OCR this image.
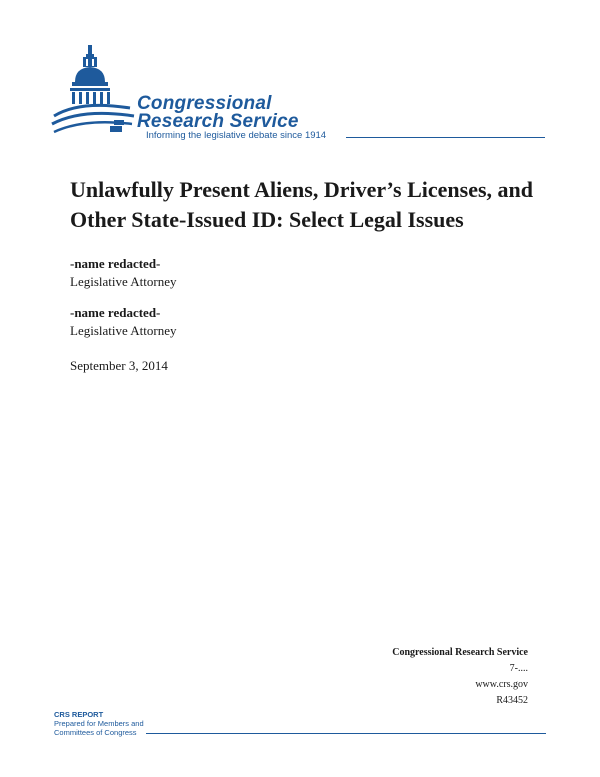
Congressional
Research Service
Informing the legislative debate since 1914
Unlawfully Present Aliens, Driver’s Licenses, and Other State-Issued ID: Select Legal Issues
-name redacted-
Legislative Attorney
-name redacted-
Legislative Attorney
September 3, 2014
Congressional Research Service
7-....
www.crs.gov
R43452
CRS REPORT
Prepared for Members and
Committees of Congress
